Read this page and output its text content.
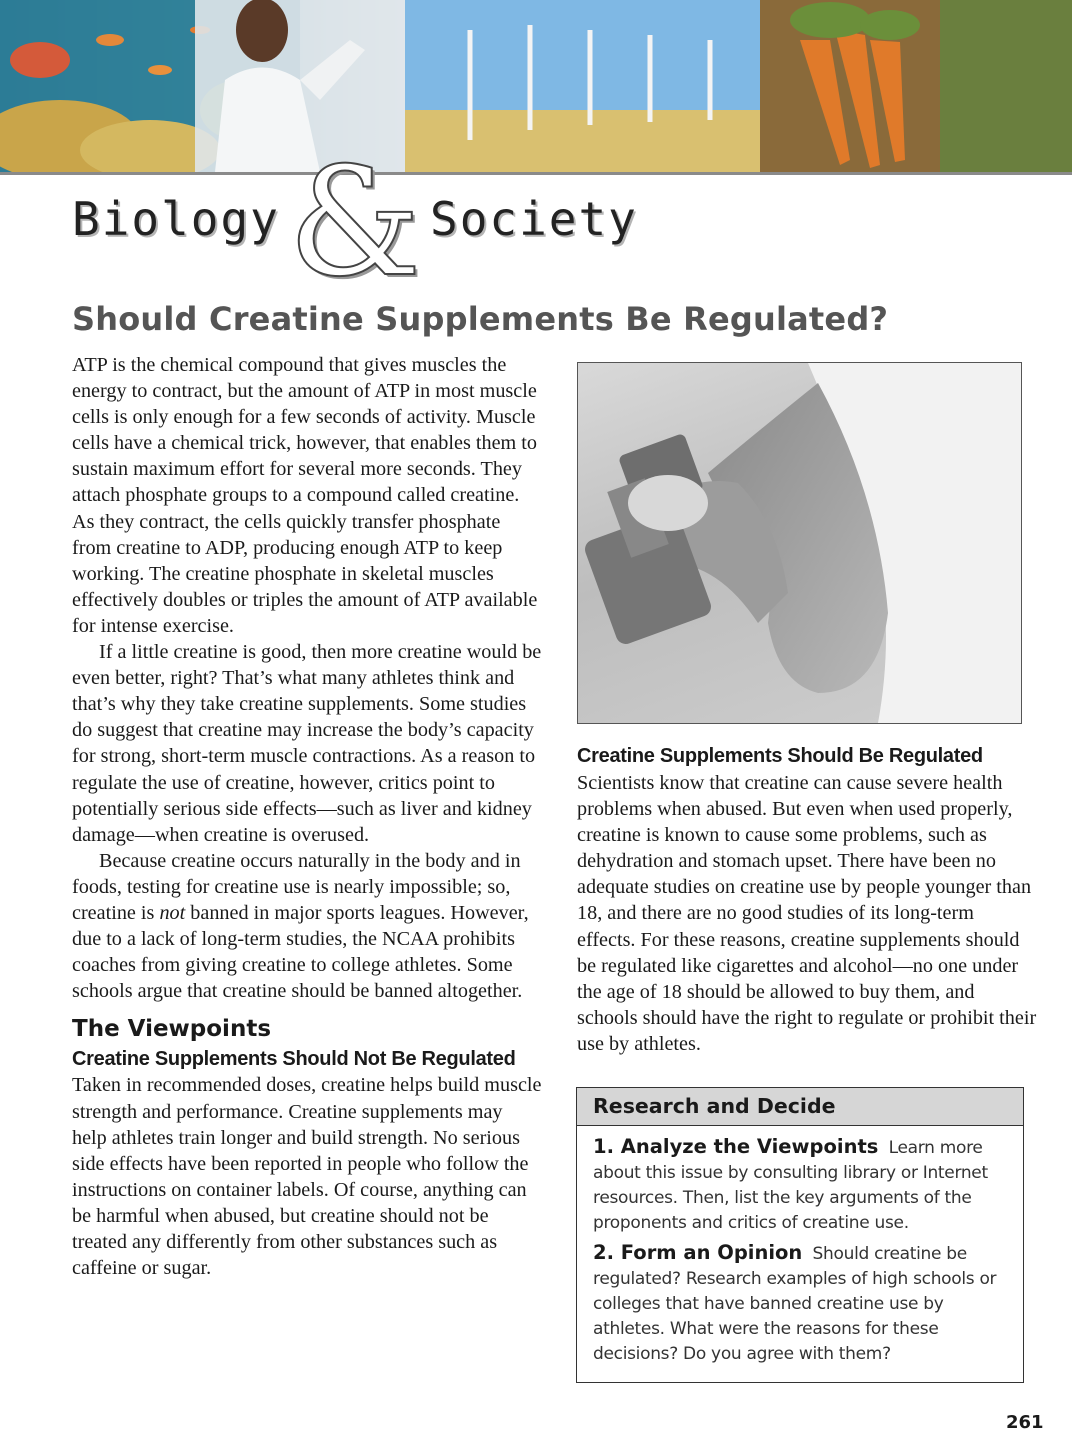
Biology & Society
Should Creatine Supplements Be Regulated?

ATP is the chemical compound that gives muscles the energy to contract, but the amount of ATP in most muscle cells is only enough for a few seconds of activity. Muscle cells have a chemical trick, however, that enables them to sustain maximum effort for several more seconds. They attach phosphate groups to a compound called creatine. As they contract, the cells quickly transfer phosphate from creatine to ADP, producing enough ATP to keep working. The creatine phosphate in skeletal muscles effectively doubles or triples the amount of ATP available for intense exercise.

If a little creatine is good, then more creatine would be even better, right? That’s what many athletes think and that’s why they take creatine supplements. Some studies do suggest that creatine may increase the body’s capacity for strong, short-term muscle contractions. As a reason to regulate the use of creatine, however, critics point to potentially serious side effects—such as liver and kidney damage—when creatine is overused.

Because creatine occurs naturally in the body and in foods, testing for creatine use is nearly impossible; so, creatine is not banned in major sports leagues. However, due to a lack of long-term studies, the NCAA prohibits coaches from giving creatine to college athletes. Some schools argue that creatine should be banned altogether.

The Viewpoints

Creatine Supplements Should Not Be Regulated  Taken in recommended doses, creatine helps build muscle strength and performance. Creatine supplements may help athletes train longer and build strength. No serious side effects have been reported in people who follow the instructions on container labels. Of course, anything can be harmful when abused, but creatine should not be treated any differently from other substances such as caffeine or sugar.

Creatine Supplements Should Be Regulated

Scientists know that creatine can cause severe health problems when abused. But even when used properly, creatine is known to cause some problems, such as dehydration and stomach upset. There have been no adequate studies on creatine use by people younger than 18, and there are no good studies of its long-term effects. For these reasons, creatine supplements should be regulated like cigarettes and alcohol—no one under the age of 18 should be allowed to buy them, and schools should have the right to regulate or prohibit their use by athletes.

Research and Decide

1. Analyze the Viewpoints Learn more about this issue by consulting library or Internet resources. Then, list the key arguments of the proponents and critics of creatine use.

2. Form an Opinion Should creatine be regulated? Research examples of high schools or colleges that have banned creatine use by athletes. What were the reasons for these decisions? Do you agree with them?

261
